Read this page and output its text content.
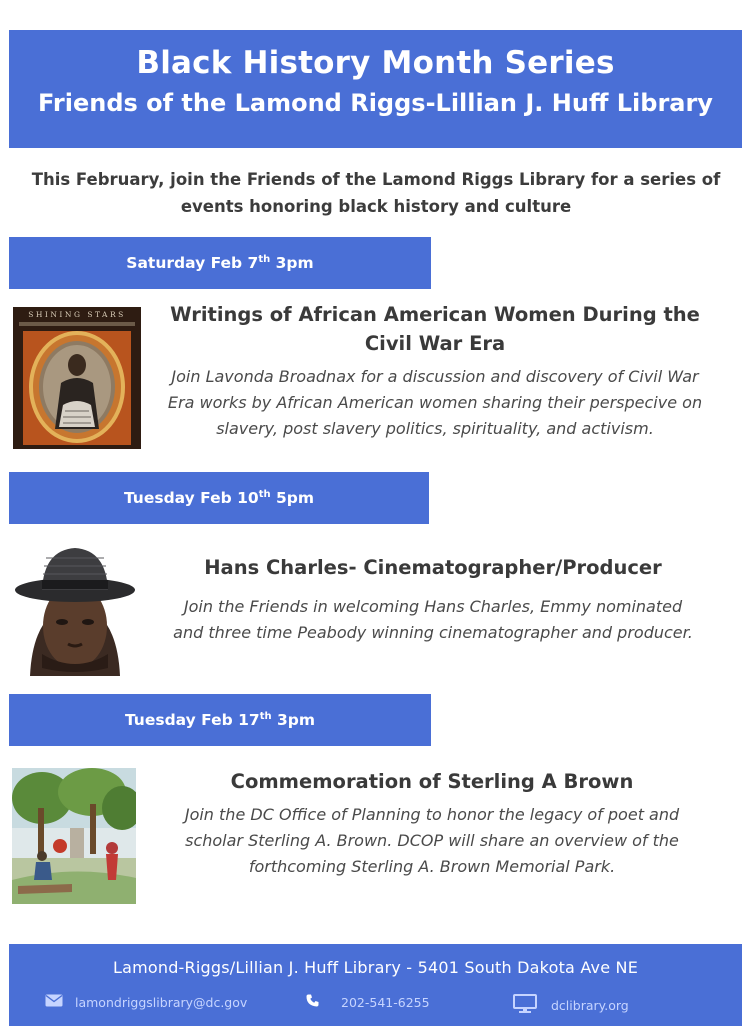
Black History Month Series
Friends of the Lamond Riggs-Lillian J. Huff Library
This February, join the Friends of the Lamond Riggs Library for a series of
events honoring black history and culture
Saturday Feb 7th 3pm
SHINING STARS	Writings of African American Women During the
Civil War Era
Join Lavonda Broadnax for a discussion and discovery of Civil War
Era works by African American women sharing their perspecive on
slavery, post slavery politics, spirituality, and activism.
Tuesday Feb 10th 5pm
Hans Charles- Cinematographer/Producer
Join the Friends in welcoming Hans Charles, Emmy nominated
and three time Peabody winning cinematographer and producer.
Tuesday Feb 17th 3pm
Commemoration of Sterling A Brown
Join the DC Office of Planning to honor the legacy of poet and
scholar Sterling A. Brown. DCOP will share an overview of the
forthcoming Sterling A. Brown Memorial Park.
Lamond-Riggs/Lillian J. Huff Library - 5401 South Dakota Ave NE
lamondriggslibrary@dc.gov	202-541-6255	dclibrary.org
